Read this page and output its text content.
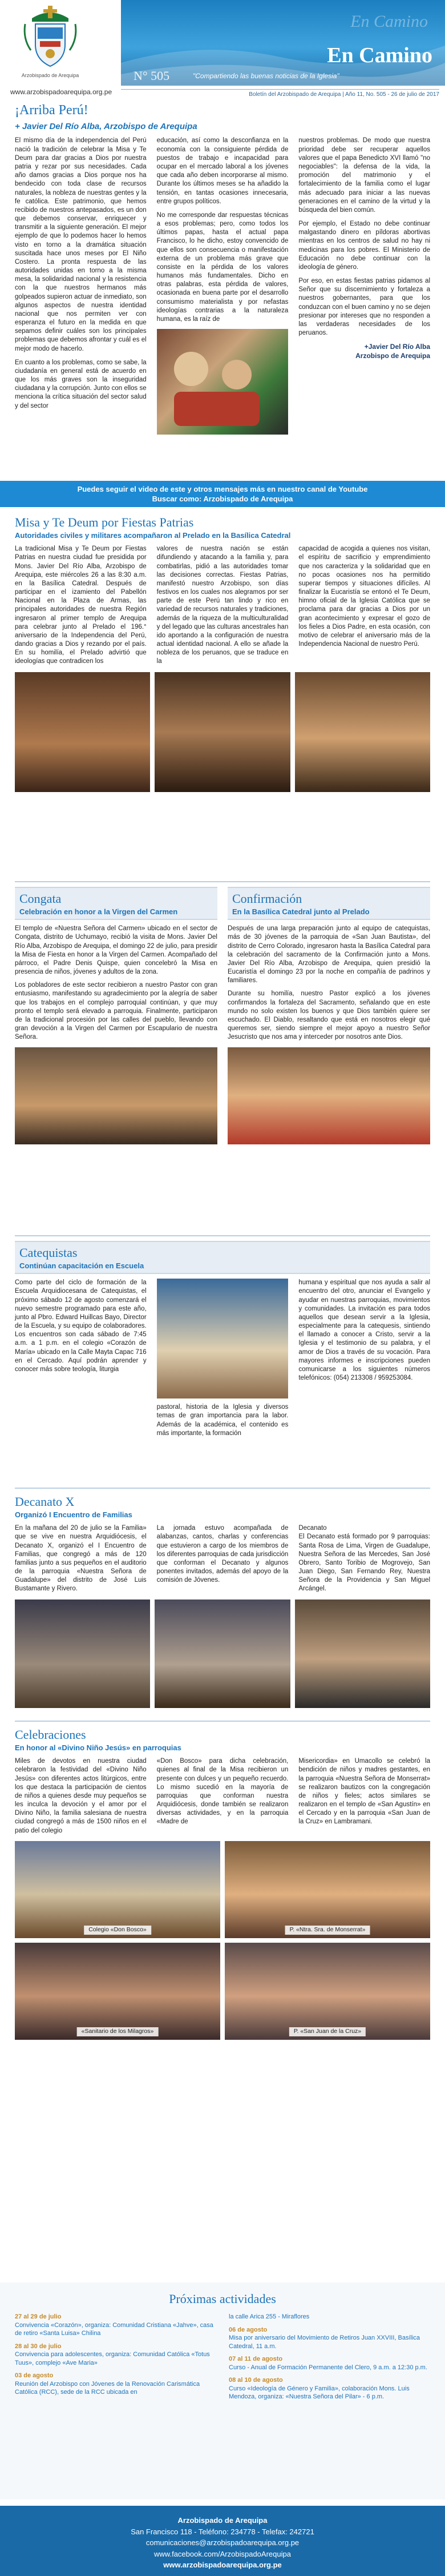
Arzobispado de Arequipa
www.arzobispadoarequipa.org.pe
En Camino
En Camino
N° 505	"Compartiendo las buenas noticias de la Iglesia"
Boletín del Arzobispado de Arequipa | Año 11, No. 505 - 26 de julio de 2017
¡Arriba Perú!
+ Javier Del Río Alba, Arzobispo de Arequipa

El mismo día de la independencia del Perú nació la tradición de celebrar la Misa y Te Deum para dar gracias a Dios por nuestra patria y rezar por sus necesidades. Cada año damos gracias a Dios porque nos ha bendecido con toda clase de recursos naturales, la nobleza de nuestras gentes y la fe católica. Este patrimonio, que hemos recibido de nuestros antepasados, es un don que debemos conservar, enriquecer y transmitir a la siguiente generación. El mejor ejemplo de que lo podemos hacer lo hemos visto en torno a la dramática situación suscitada hace unos meses por El Niño Costero. La pronta respuesta de las autoridades unidas en torno a la misma mesa, la solidaridad nacional y la resistencia con la que nuestros hermanos más golpeados supieron actuar de inmediato, son algunos aspectos de nuestra identidad nacional que nos permiten ver con esperanza el futuro en la medida en que sepamos definir cuáles son los principales problemas que debemos afrontar y cuál es el mejor modo de hacerlo.

En cuanto a los problemas, como se sabe, la ciudadanía en general está de acuerdo en que los más graves son la inseguridad ciudadana y la corrupción. Junto con ellos se menciona la crítica situación del sector salud y del sector

educación, así como la desconfianza en la economía con la consiguiente pérdida de puestos de trabajo e incapacidad para ocupar en el mercado laboral a los jóvenes que cada año deben incorporarse al mismo. Durante los últimos meses se ha añadido la tensión, en tantas ocasiones innecesaria, entre grupos políticos.

No me corresponde dar respuestas técnicas a esos problemas; pero, como todos los últimos papas, hasta el actual papa Francisco, lo he dicho, estoy convencido de que ellos son consecuencia o manifestación externa de un problema más grave que consiste en la pérdida de los valores humanos más fundamentales. Dicho en otras palabras, esta pérdida de valores, ocasionada en buena parte por el desarrollo consumismo materialista y por nefastas ideologías contrarias a la naturaleza humana, es la raíz de

nuestros problemas. De modo que nuestra prioridad debe ser recuperar aquellos valores que el papa Benedicto XVI llamó "no negociables": la defensa de la vida, la promoción del matrimonio y el fortalecimiento de la familia como el lugar más adecuado para iniciar a las nuevas generaciones en el camino de la virtud y la búsqueda del bien común.

Por ejemplo, el Estado no debe continuar malgastando dinero en píldoras abortivas mientras en los centros de salud no hay ni medicinas para los pobres. El Ministerio de Educación no debe continuar con la ideología de género.

Por eso, en estas fiestas patrias pidamos al Señor que su discernimiento y fortaleza a nuestros gobernantes, para que los conduzcan con el buen camino y no se dejen presionar por intereses que no responden a las verdaderas necesidades de los peruanos.

+Javier Del Río Alba
Arzobispo de Arequipa
Puedes seguir el video de este y otros mensajes más en nuestro canal de Youtube
Buscar como: Arzobispado de Arequipa
Misa y Te Deum por Fiestas Patrias
Autoridades civiles y militares acompañaron al Prelado en la Basílica Catedral

La tradicional Misa y Te Deum por Fiestas Patrias en nuestra ciudad fue presidida por Mons. Javier Del Río Alba, Arzobispo de Arequipa, este miércoles 26 a las 8:30 a.m. en la Basílica Catedral. Después de participar en el izamiento del Pabellón Nacional en la Plaza de Armas, las principales autoridades de nuestra Región ingresaron al primer templo de Arequipa para celebrar junto al Prelado el 196.° aniversario de la Independencia del Perú, dando gracias a Dios y rezando por el país. En su homilía, el Prelado advirtió que ideologías que contradicen los

valores de nuestra nación se están difundiendo y atacando a la familia y, para combatirlas, pidió a las autoridades tomar las decisiones correctas. Fiestas Patrias, manifestó nuestro Arzobispo, son días festivos en los cuales nos alegramos por ser parte de este Perú tan lindo y rico en variedad de recursos naturales y tradiciones, además de la riqueza de la multiculturalidad y del legado que las culturas ancestrales han ido aportando a la configuración de nuestra actual identidad nacional. A ello se añade la nobleza de los peruanos, que se traduce en la

capacidad de acogida a quienes nos visitan, el espíritu de sacrificio y emprendimiento que nos caracteriza y la solidaridad que en no pocas ocasiones nos ha permitido superar tiempos y situaciones difíciles. Al finalizar la Eucaristía se entonó el Te Deum, himno oficial de la Iglesia Católica que se proclama para dar gracias a Dios por un gran acontecimiento y expresar el gozo de los fieles a Dios Padre, en esta ocasión, con motivo de celebrar el aniversario más de la Independencia Nacional de nuestro Perú.

Congata
Celebración en honor a la Virgen del Carmen

El templo de «Nuestra Señora del Carmen» ubicado en el sector de Congata, distrito de Uchumayo, recibió la visita de Mons. Javier Del Río Alba, Arzobispo de Arequipa, el domingo 22 de julio, para presidir la Misa de Fiesta en honor a la Virgen del Carmen. Acompañado del párroco, el Padre Denis Quispe, quien concelebró la Misa en presencia de niños, jóvenes y adultos de la zona.

Los pobladores de este sector recibieron a nuestro Pastor con gran entusiasmo, manifestando su agradecimiento por la alegría de saber que los trabajos en el complejo parroquial continúan, y que muy pronto el templo será elevado a parroquia. Finalmente, participaron de la tradicional procesión por las calles del pueblo, llevando con gran devoción a la Virgen del Carmen por Escapulario de nuestra Señora.

Confirmación
En la Basílica Catedral junto al Prelado

Después de una larga preparación junto al equipo de catequistas, más de 30 jóvenes de la parroquia de «San Juan Bautista», del distrito de Cerro Colorado, ingresaron hasta la Basílica Catedral para la celebración del sacramento de la Confirmación junto a Mons. Javier Del Río Alba, Arzobispo de Arequipa, quien presidió la Eucaristía el domingo 23 por la noche en compañía de padrinos y familiares.

Durante su homilía, nuestro Pastor explicó a los jóvenes confirmandos la fortaleza del Sacramento, señalando que en este mundo no solo existen los buenos y que Dios también quiere ser escuchado. El Diablo, resaltando que está en nosotros elegir qué queremos ser, siendo siempre el mejor apoyo a nuestro Señor Jesucristo que nos ama y interceder por nosotros ante Dios.

Catequistas
Continúan capacitación en Escuela

Como parte del ciclo de formación de la Escuela Arquidiocesana de Catequistas, el próximo sábado 12 de agosto comenzará el nuevo semestre programado para este año, junto al Pbro. Edward Huillcas Bayo, Director de la Escuela, y su equipo de colaboradores. Los encuentros son cada sábado de 7:45 a.m. a 1 p.m. en el colegio «Corazón de María» ubicado en la Calle Mayta Capac 716 en el Cercado. Aquí podrán aprender y conocer más sobre teología, liturgia

pastoral, historia de la Iglesia y diversos temas de gran importancia para la labor. Además de la académica, el contenido es más importante, la formación

humana y espiritual que nos ayuda a salir al encuentro del otro, anunciar el Evangelio y ayudar en nuestras parroquias, movimientos y comunidades. La invitación es para todos aquellos que desean servir a la Iglesia, especialmente para la catequesis, sintiendo el llamado a conocer a Cristo, servir a la Iglesia y el testimonio de su palabra, y el amor de Dios a través de su vocación. Para mayores informes e inscripciones pueden comunicarse a los siguientes números telefónicos: (054) 213308 / 959253084.

Decanato X
Organizó I Encuentro de Familias

En la mañana del 20 de julio se la Familia» que se vive en nuestra Arquidiócesis, el Decanato X, organizó el I Encuentro de Familias, que congregó a más de 120 familias junto a sus pequeños en el auditorio de la parroquia «Nuestra Señora de Guadalupe» del distrito de José Luis Bustamante y Rivero.

La jornada estuvo acompañada de alabanzas, cantos, charlas y conferencias que estuvieron a cargo de los miembros de los diferentes parroquias de cada jurisdicción que conforman el Decanato y algunos ponentes invitados, además del apoyo de la comisión de Jóvenes.

Decanato
El Decanato está formado por 9 parroquias: Santa Rosa de Lima, Virgen de Guadalupe, Nuestra Señora de las Mercedes, San José Obrero, Santo Toribio de Mogrovejo, San Juan Diego, San Fernando Rey, Nuestra Señora de la Providencia y San Miguel Arcángel.

Celebraciones
En honor al «Divino Niño Jesús» en parroquias

Miles de devotos en nuestra ciudad celebraron la festividad del «Divino Niño Jesús» con diferentes actos litúrgicos, entre los que destaca la participación de cientos de niños a quienes desde muy pequeños se les inculca la devoción y el amor por el Divino Niño, la familia salesiana de nuestra ciudad congregó a más de 1500 niños en el patio del colegio

«Don Bosco» para dicha celebración, quienes al final de la Misa recibieron un presente con dulces y un pequeño recuerdo. Lo mismo sucedió en la mayoría de parroquias que conforman nuestra Arquidiócesis, donde también se realizaron diversas actividades, y en la parroquia «Madre de

Misericordia» en Umacollo se celebró la bendición de niños y madres gestantes, en la parroquia «Nuestra Señora de Monserrat» se realizaron bautizos con la congregación de niños y fieles; actos similares se realizaron en el templo de «San Agustín» en el Cercado y en la parroquia «San Juan de la Cruz» en Lambramani.

Colegio «Don Bosco»	P. «Ntra. Sra. de Monserrat»
«Sanitario de los Milagros»	P. «San Juan de la Cruz»
Próximas actividades
27 al 29 de julio
Convivencia «Corazón», organiza: Comunidad Cristiana «Jahve», casa de retiro «Santa Luisa» Chilina
28 al 30 de julio
Convivencia para adolescentes, organiza: Comunidad Católica «Totus Tuus», complejo «Ave Maria»
03 de agosto
Reunión del Arzobispo con Jóvenes de la Renovación Carismática Católica (RCC), sede de la RCC ubicada en
la calle Arica 255 - Miraflores
06 de agosto
Misa por aniversario del Movimiento de Retiros Juan XXVIII, Basílica Catedral, 11 a.m.
07 al 11 de agosto
Curso - Anual de Formación Permanente del Clero, 9 a.m. a 12:30 p.m.
08 al 10 de agosto
Curso «Ideología de Género y Familia», colaboración Mons. Luis Mendoza, organiza: «Nuestra Señora del Pilar» - 6 p.m.
Arzobispado de Arequipa
San Francisco 118 - Teléfono: 234778 - Telefax: 242721
comunicaciones@arzobispadoarequipa.org.pe
www.facebook.com/ArzobispadoArequipa
www.arzobispadoarequipa.org.pe
